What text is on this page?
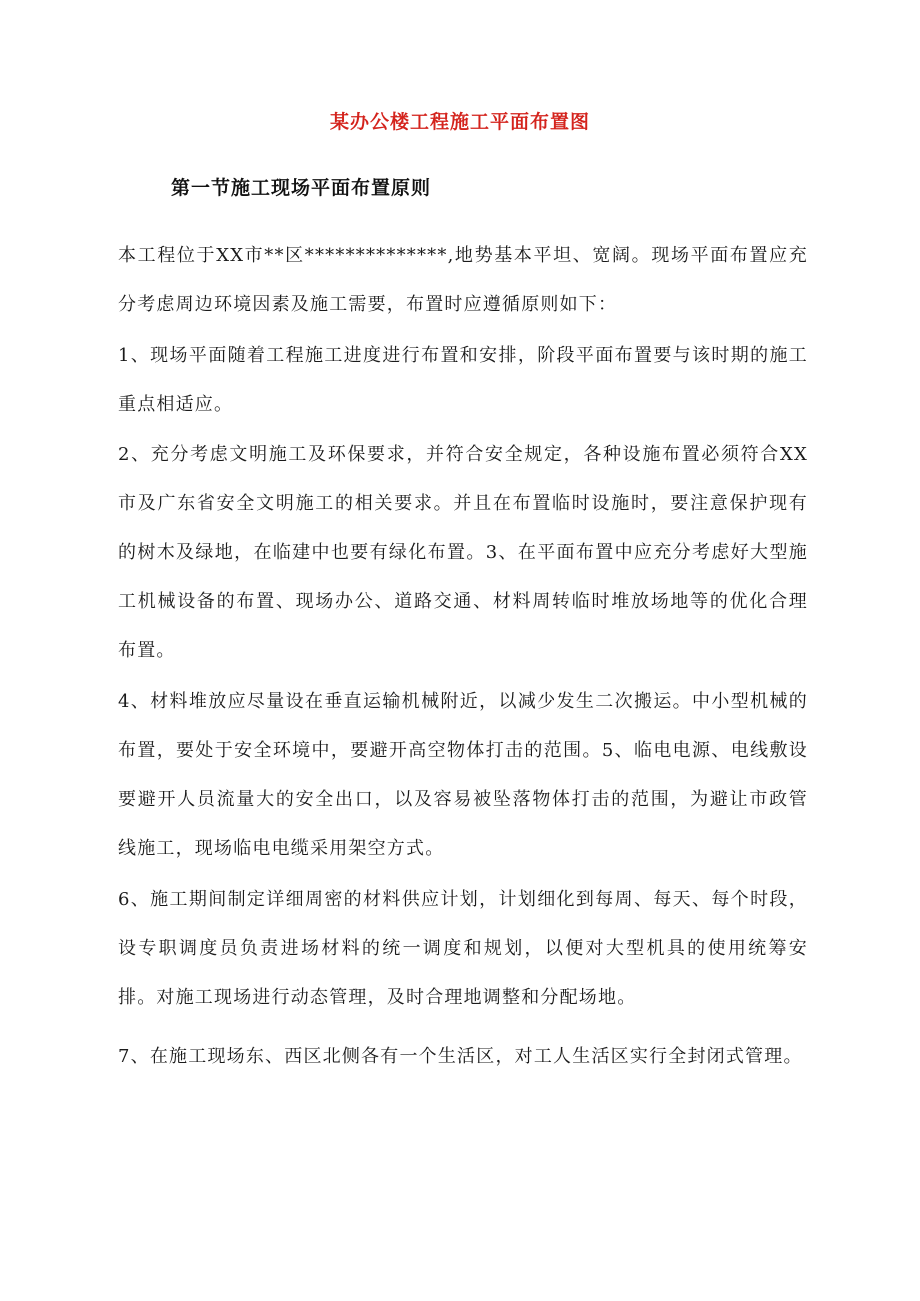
某办公楼工程施工平面布置图
第一节施工现场平面布置原则

本工程位于XX市**区**************,地势基本平坦、宽阔。现场平面布置应充分考虑周边环境因素及施工需要，布置时应遵循原则如下：

1、现场平面随着工程施工进度进行布置和安排，阶段平面布置要与该时期的施工重点相适应。

2、充分考虑文明施工及环保要求，并符合安全规定，各种设施布置必须符合XX市及广东省安全文明施工的相关要求。并且在布置临时设施时，要注意保护现有的树木及绿地，在临建中也要有绿化布置。3、在平面布置中应充分考虑好大型施工机械设备的布置、现场办公、道路交通、材料周转临时堆放场地等的优化合理布置。

4、材料堆放应尽量设在垂直运输机械附近，以减少发生二次搬运。中小型机械的布置，要处于安全环境中，要避开高空物体打击的范围。5、临电电源、电线敷设要避开人员流量大的安全出口，以及容易被坠落物体打击的范围，为避让市政管线施工，现场临电电缆采用架空方式。

6、施工期间制定详细周密的材料供应计划，计划细化到每周、每天、每个时段，设专职调度员负责进场材料的统一调度和规划，以便对大型机具的使用统筹安排。对施工现场进行动态管理，及时合理地调整和分配场地。

7、在施工现场东、西区北侧各有一个生活区，对工人生活区实行全封闭式管理。
